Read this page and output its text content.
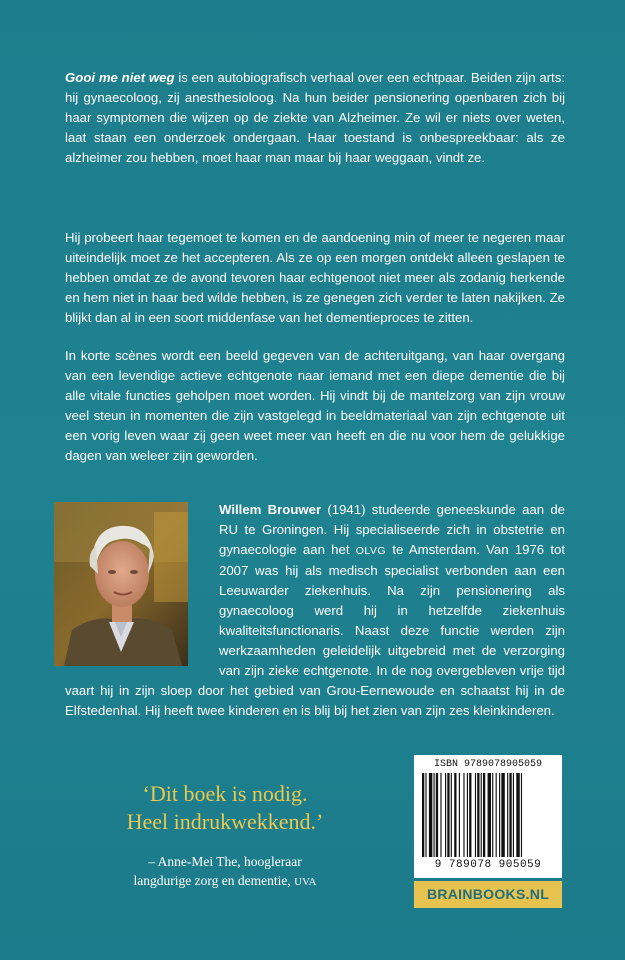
Gooi me niet weg is een autobiografisch verhaal over een echtpaar. Beiden zijn arts: hij gynaecoloog, zij anesthesioloog. Na hun beider pensionering openbaren zich bij haar symptomen die wijzen op de ziekte van Alzheimer. Ze wil er niets over weten, laat staan een onderzoek ondergaan. Haar toestand is onbespreekbaar: als ze alzheimer zou hebben, moet haar man maar bij haar weggaan, vindt ze.

Hij probeert haar tegemoet te komen en de aandoening min of meer te negeren maar uiteindelijk moet ze het accepteren. Als ze op een morgen ontdekt alleen geslapen te hebben omdat ze de avond tevoren haar echtgenoot niet meer als zodanig herkende en hem niet in haar bed wilde hebben, is ze genegen zich verder te laten nakijken. Ze blijkt dan al in een soort middenfase van het dementieproces te zitten.

In korte scènes wordt een beeld gegeven van de achteruitgang, van haar overgang van een levendige actieve echtgenote naar iemand met een diepe dementie die bij alle vitale functies geholpen moet worden. Hij vindt bij de mantelzorg van zijn vrouw veel steun in momenten die zijn vastgelegd in beeldmateriaal van zijn echtgenote uit een vorig leven waar zij geen weet meer van heeft en die nu voor hem de gelukkige dagen van weleer zijn geworden.

Willem Brouwer (1941) studeerde geneeskunde aan de RU te Groningen. Hij specialiseerde zich in obstetrie en gynaecologie aan het OLVG te Amsterdam. Van 1976 tot 2007 was hij als medisch specialist verbonden aan een Leeuwarder ziekenhuis. Na zijn pensionering als gynaecoloog werd hij in hetzelfde ziekenhuis kwaliteitsfunctionaris. Naast deze functie werden zijn werkzaamheden geleidelijk uitgebreid met de verzorging van zijn zieke echtgenote. In de nog overgebleven vrije tijd vaart hij in zijn sloep door het gebied van Grou-Eernewoude en schaatst hij in de Elfstedenhal. Hij heeft twee kinderen en is blij bij het zien van zijn zes kleinkinderen.

‘Dit boek is nodig.
Heel indrukwekkend.’
– Anne-Mei The, hoogleraar
langdurige zorg en dementie, UVA
ISBN 9789078905059
9 789078 905059
BRAINBOOKS.NL
